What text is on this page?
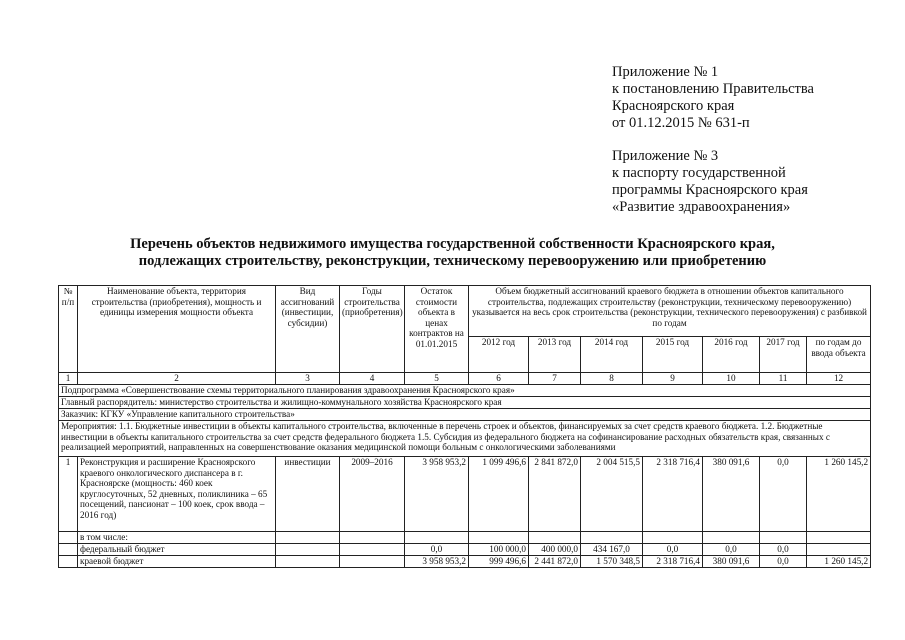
Приложение № 1
к постановлению Правительства
Красноярского края
от 01.12.2015 № 631-п
Приложение № 3
к паспорту государственной
программы Красноярского края
«Развитие здравоохранения»
Перечень объектов недвижимого имущества государственной собственности Красноярского края,
подлежащих строительству, реконструкции, техническому перевооружению или приобретению
№ п/п	Наименование объекта, территория строительства (приобретения), мощность и единицы измерения мощности объекта	Вид ассигнований (инвестиции, субсидии)	Годы строительства (приобретения)	Остаток стоимости объекта в ценах контрактов на 01.01.2015	Объем бюджетный ассигнований краевого бюджета в отношении объектов капитального строительства, подлежащих строительству (реконструкции, техническому перевооружению) указывается на весь срок строительства (реконструкции, технического перевооружения) с разбивкой по годам						
					2012 год	2013 год	2014 год	2015 год	2016 год	2017 год	по годам до ввода объекта
1	2	3	4	5	6	7	8	9	10	11	12
Подпрограмма «Совершенствование схемы территориального планирования здравоохранения Красноярского края»											
Главный распорядитель: министерство строительства и жилищно-коммунального хозяйства Красноярского края											
Заказчик: КГКУ «Управление капитального строительства»											
Мероприятия: 1.1. Бюджетные инвестиции в объекты капитального строительства, включенные в перечень строек и объектов, финансируемых за счет средств краевого бюджета. 1.2. Бюджетные инвестиции в объекты капитального строительства за счет средств федерального бюджета 1.5. Субсидия из федерального бюджета на софинансирование расходных обязательств края, связанных с реализацией мероприятий, направленных на совершенствование оказания медицинской помощи больным с онкологическими заболеваниями											
1	Реконструкция и расширение Красноярского краевого онкологического диспансера в г. Красноярске (мощность: 460 коек круглосуточных, 52 дневных, поликлиника – 65 посещений, пансионат – 100 коек, срок ввода – 2016 год)	инвестиции	2009–2016	3 958 953,2	1 099 496,6	2 841 872,0	2 004 515,5	2 318 716,4	380 091,6	0,0	1 260 145,2
	в том числе:										
	федеральный бюджет			0,0	100 000,0	400 000,0	434 167,0	0,0	0,0	0,0	
	краевой бюджет			3 958 953,2	999 496,6	2 441 872,0	1 570 348,5	2 318 716,4	380 091,6	0,0	1 260 145,2
